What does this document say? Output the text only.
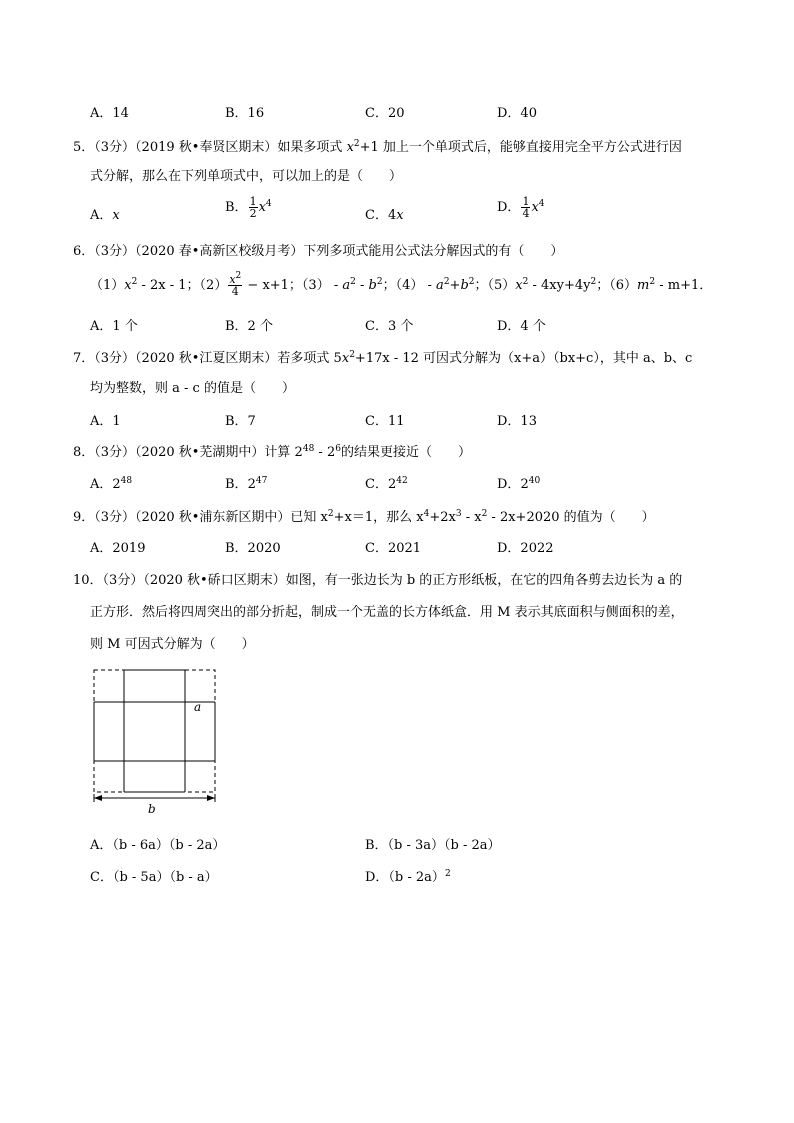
A．14	B．16	C．20	D．40
5．（3分）（2019 秋•奉贤区期末）如果多项式 $x^2+1$ 加上一个单项式后，能够直接用完全平方公式进行因
式分解，那么在下列单项式中，可以加上的是（　　）
A．x
B． $\frac{1}{2} x^4$
C．4x
D． $\frac{1}{4} x^4$
6．（3分）（2020 春•高新区校级月考）下列多项式能用公式法分解因式的有（　　）
$(1)x^2 - 2x - 1$；$(2) \frac{x^2}{4} - x+1$；$(3) - a^2 - b^2$；$(4) - a^2+b^2$；$(5)x^2 - 4xy+4y^2$；$(6)m^2 - m+1$．
A．1 个	B．2 个	C．3 个	D．4 个
7．（3分）（2020 秋•江夏区期末）若多项式 $5x^2+17x - 12$ 可因式分解为（x+a）（bx+c），其中 a、b、c
均为整数，则 a - c 的值是（　　）
A．1	B．7	C．11	D．13
8．（3分）（2020 秋•芜湖期中）计算 $2^{48} - 2^6$的结果更接近（　　）
A．$2^{48}$	B．$2^{47}$	C．$2^{42}$	D．$2^{40}$
9．（3分）（2020 秋•浦东新区期中）已知 $x^2+x=1$，那么 $x^4+2x^3 - x^2 - 2x+2020$ 的值为（　　）
A．2019	B．2020	C．2021	D．2022
10．（3分）（2020 秋•硚口区期末）如图，有一张边长为 b 的正方形纸板，在它的四角各剪去边长为 a 的
正方形．然后将四周突出的部分折起，制成一个无盖的长方体纸盒．用 M 表示其底面积与侧面积的差，
则 M 可因式分解为（　　）
a
b
A．（b - 6a）（b - 2a）	B．（b - 3a）（b - 2a）
C．（b - 5a）（b - a）	D．（b - 2a）$^2$
